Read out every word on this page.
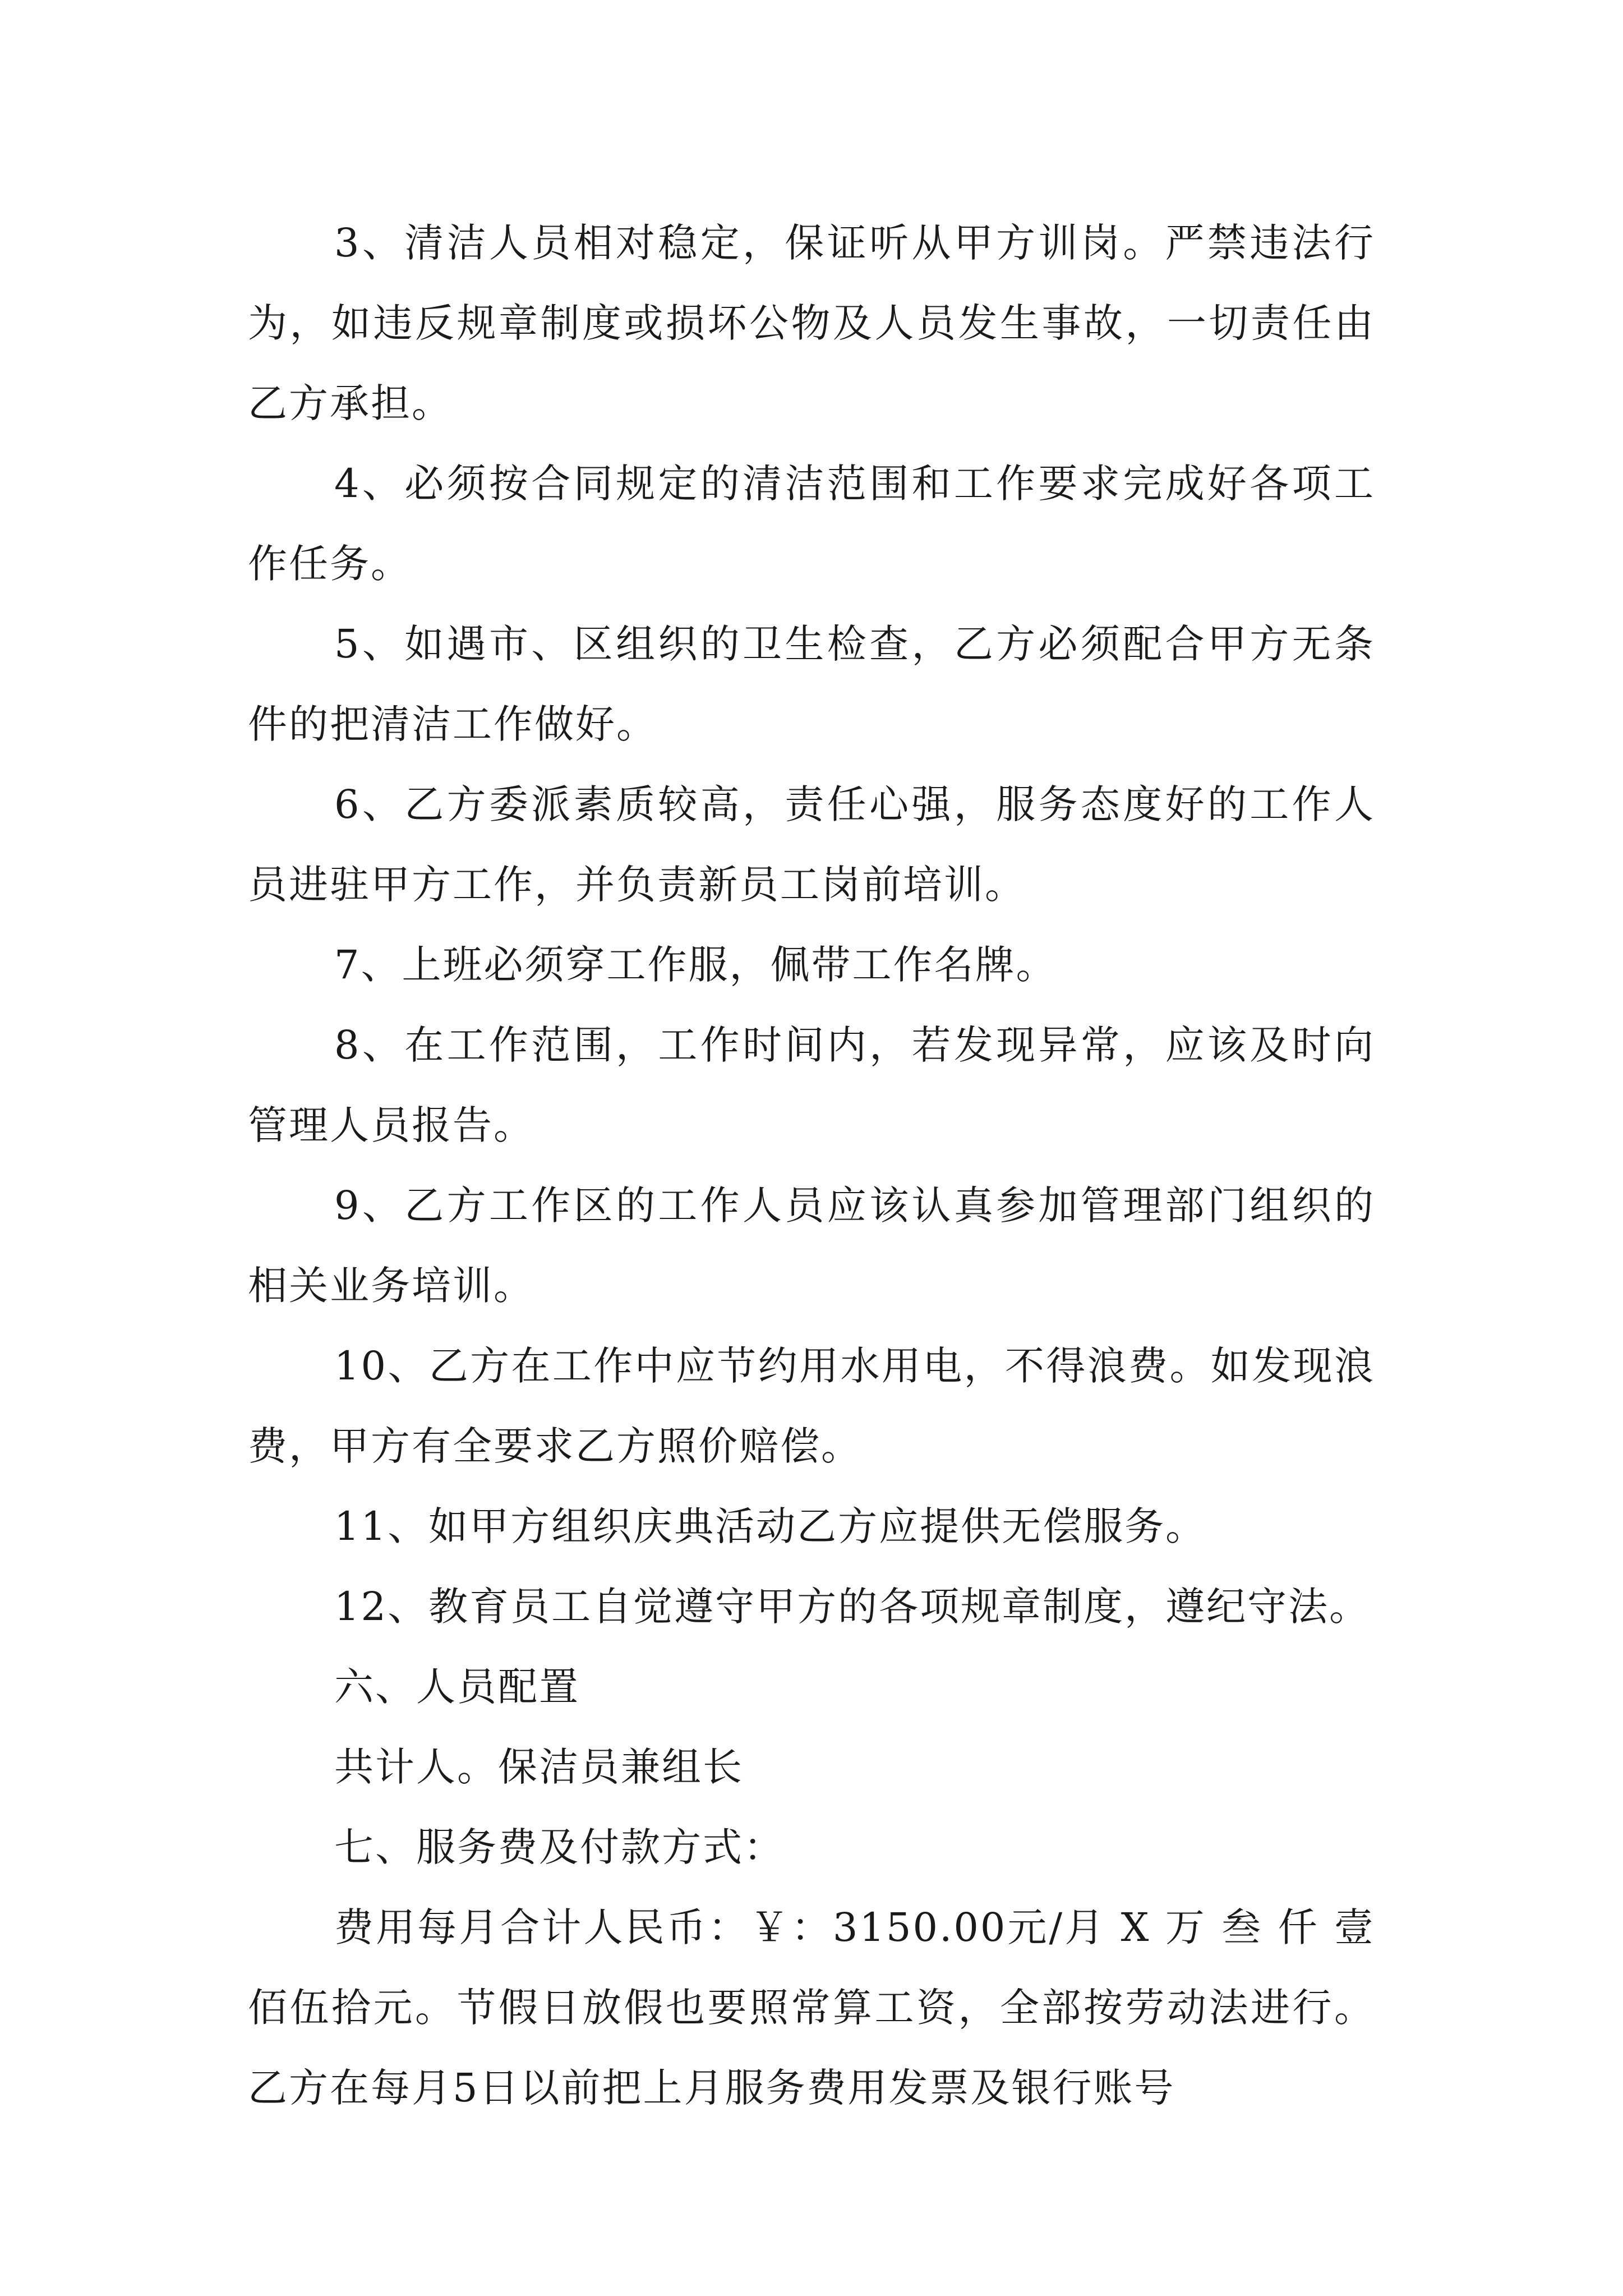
3、清洁人员相对稳定，保证听从甲方训岗。严禁违法行为，如违反规章制度或损坏公物及人员发生事故，一切责任由乙方承担。

4、必须按合同规定的清洁范围和工作要求完成好各项工作任务。

5、如遇市、区组织的卫生检查，乙方必须配合甲方无条件的把清洁工作做好。

6、乙方委派素质较高，责任心强，服务态度好的工作人员进驻甲方工作，并负责新员工岗前培训。

7、上班必须穿工作服，佩带工作名牌。

8、在工作范围，工作时间内，若发现异常，应该及时向管理人员报告。

9、乙方工作区的工作人员应该认真参加管理部门组织的相关业务培训。

10、乙方在工作中应节约用水用电，不得浪费。如发现浪费，甲方有全要求乙方照价赔偿。

11、如甲方组织庆典活动乙方应提供无偿服务。

12、教育员工自觉遵守甲方的各项规章制度，遵纪守法。

六、人员配置

共计人。保洁员兼组长

七、服务费及付款方式：

费用每月合计人民币：￥：3150.00元/月 X 万 叁 仟 壹 佰伍拾元。节假日放假也要照常算工资，全部按劳动法进行。乙方在每月5日以前把上月服务费用发票及银行账号
